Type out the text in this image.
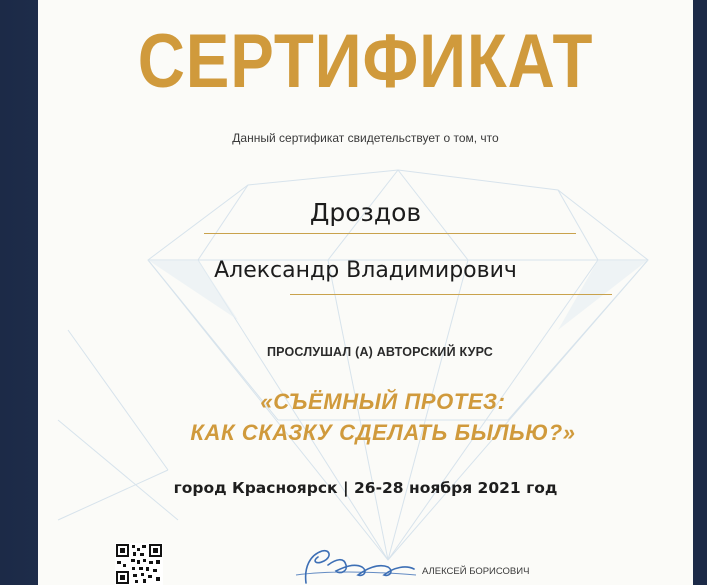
СЕРТИФИКАТ
Данный сертификат свидетельствует о том, что
Дроздов
Александр Владимирович
ПРОСЛУШАЛ (А) АВТОРСКИЙ КУРС
«СЪЁМНЫЙ ПРОТЕЗ:
КАК СКАЗКУ СДЕЛАТЬ БЫЛЬЮ?»
город Красноярск | 26-28 ноября 2021 год
АЛЕКСЕЙ БОРИСОВИЧ
